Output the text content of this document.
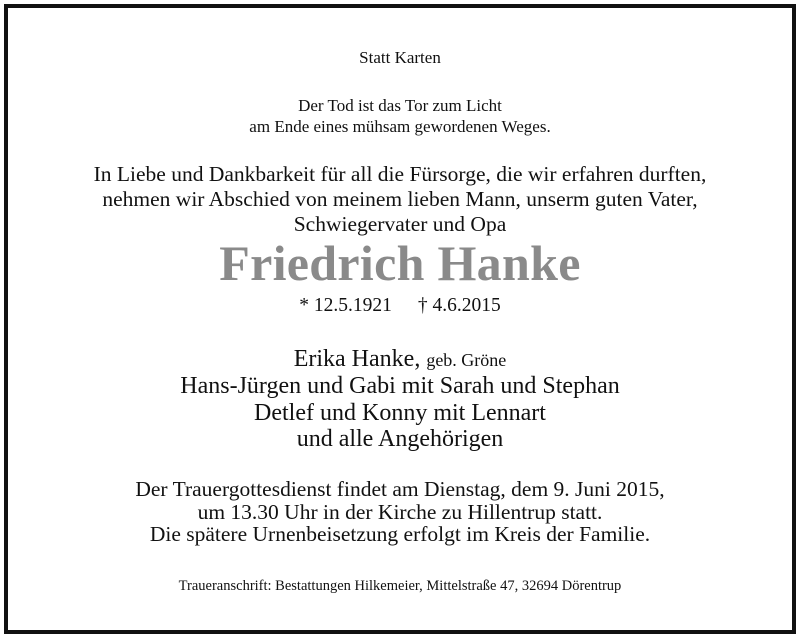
Statt Karten
Der Tod ist das Tor zum Licht
am Ende eines mühsam gewordenen Weges.
In Liebe und Dankbarkeit für all die Fürsorge, die wir erfahren durften,
nehmen wir Abschied von meinem lieben Mann, unserm guten Vater,
Schwiegervater und Opa
Friedrich Hanke
* 12.5.1921 † 4.6.2015
Erika Hanke, geb. Gröne
Hans-Jürgen und Gabi mit Sarah und Stephan
Detlef und Konny mit Lennart
und alle Angehörigen
Der Trauergottesdienst findet am Dienstag, dem 9. Juni 2015,
um 13.30 Uhr in der Kirche zu Hillentrup statt.
Die spätere Urnenbeisetzung erfolgt im Kreis der Familie.
Traueranschrift: Bestattungen Hilkemeier, Mittelstraße 47, 32694 Dörentrup
